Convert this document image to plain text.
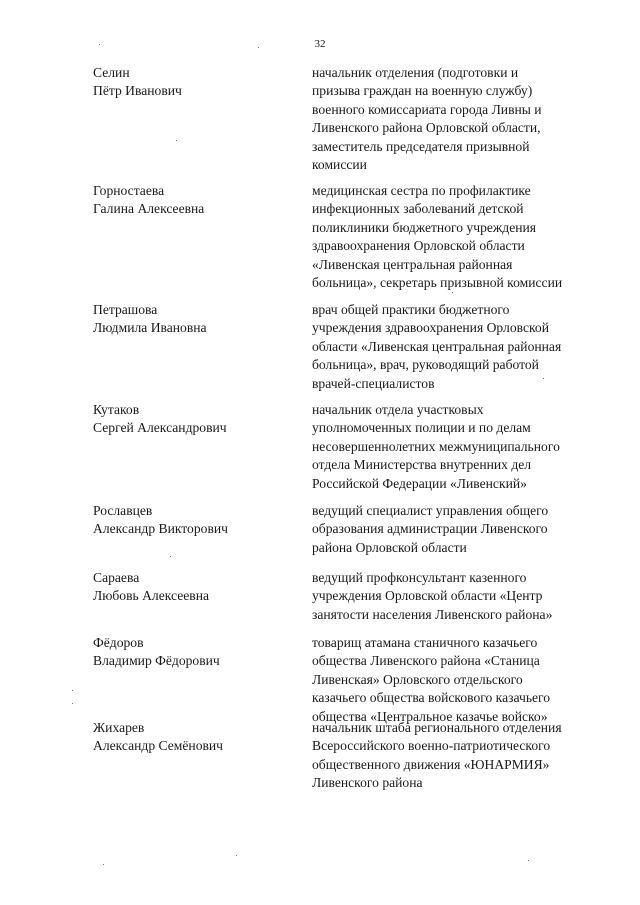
32
Селин
Пётр Иванович
начальник отделения (подготовки и
призыва граждан на военную службу)
военного комиссариата города Ливны и
Ливенского района Орловской области,
заместитель председателя призывной
комиссии
Горностаева
Галина Алексеевна
медицинская сестра по профилактике
инфекционных заболеваний детской
поликлиники бюджетного учреждения
здравоохранения Орловской области
«Ливенская центральная районная
больница», секретарь призывной комиссии
Петрашова
Людмила Ивановна
врач общей практики бюджетного
учреждения здравоохранения Орловской
области «Ливенская центральная районная
больница», врач, руководящий работой
врачей-специалистов
Кутаков
Сергей Александрович
начальник отдела участковых
уполномоченных полиции и по делам
несовершеннолетних межмуниципального
отдела Министерства внутренних дел
Российской Федерации «Ливенский»
Рославцев
Александр Викторович
ведущий специалист управления общего
образования администрации Ливенского
района Орловской области
Сараева
Любовь Алексеевна
ведущий профконсультант казенного
учреждения Орловской области «Центр
занятости населения Ливенского района»
Фёдоров
Владимир Фёдорович
товарищ атамана станичного казачьего
общества Ливенского района «Станица
Ливенская» Орловского отдельского
казачьего общества войскового казачьего
общества «Центральное казачье войско»
Жихарев
Александр Семёнович
начальник штаба регионального отделения
Всероссийского военно-патриотического
общественного движения «ЮНАРМИЯ»
Ливенского района
